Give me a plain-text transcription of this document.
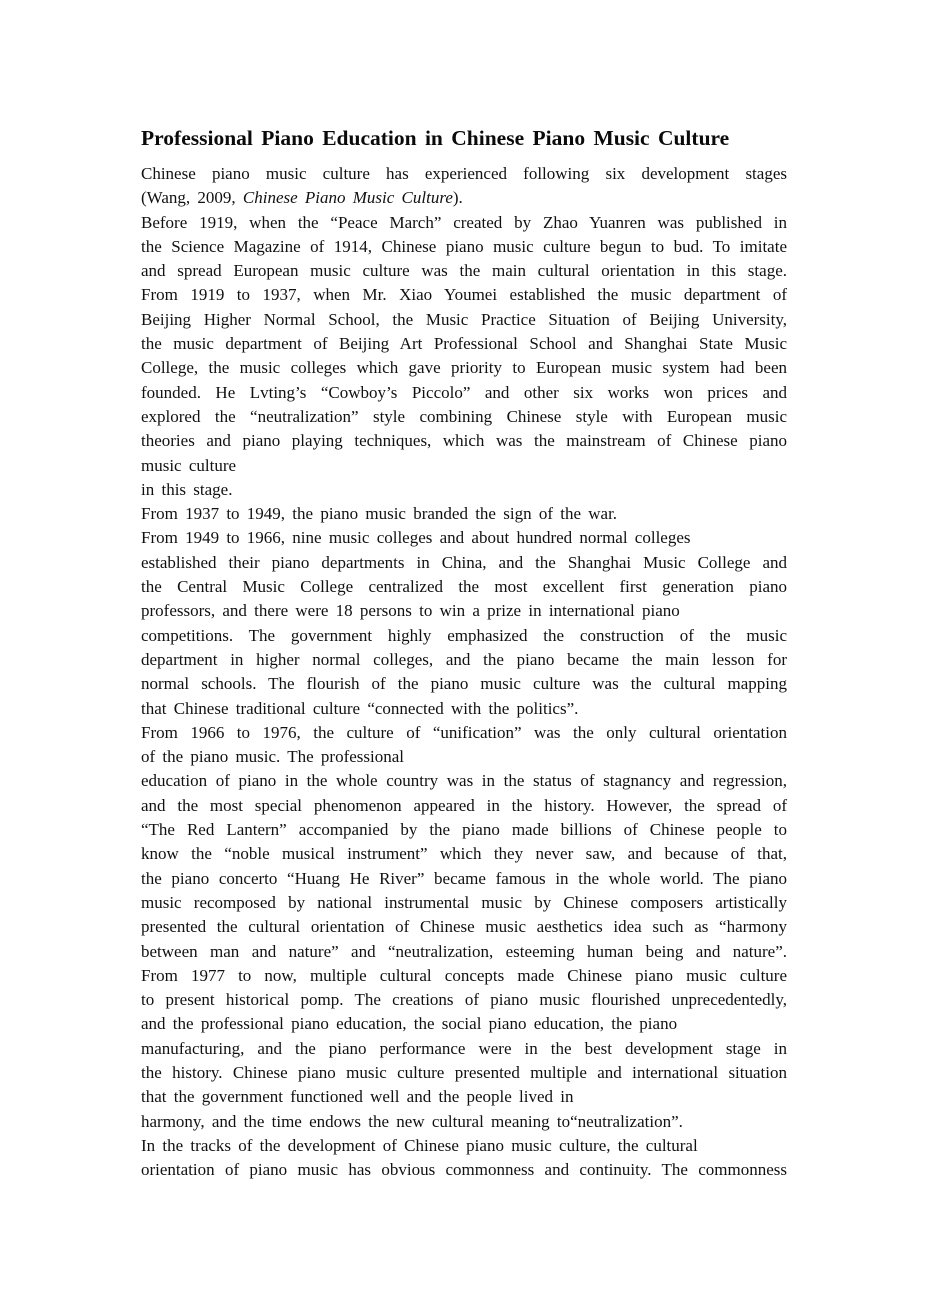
Professional Piano Education in Chinese Piano Music Culture
Chinese piano music culture has experienced following six development stages
(Wang, 2009, Chinese Piano Music Culture).
Before 1919, when the “Peace March” created by Zhao Yuanren was published in
the Science Magazine of 1914, Chinese piano music culture begun to bud. To imitate
and spread European music culture was the main cultural orientation in this stage.
From 1919 to 1937, when Mr. Xiao Youmei established the music department of
Beijing Higher Normal School, the Music Practice Situation of Beijing University,
the music department of Beijing Art Professional School and Shanghai State Music
College, the music colleges which gave priority to European music system had been
founded. He Lvting’s “Cowboy’s Piccolo” and other six works won prices and
explored the “neutralization” style combining Chinese style with European music
theories and piano playing techniques, which was the mainstream of Chinese piano
music culture
in this stage.
From 1937 to 1949, the piano music branded the sign of the war.
From 1949 to 1966, nine music colleges and about hundred normal colleges
established their piano departments in China, and the Shanghai Music College and
the Central Music College centralized the most excellent first generation piano
professors, and there were 18 persons to win a prize in international piano
competitions. The government highly emphasized the construction of the music
department in higher normal colleges, and the piano became the main lesson for
normal schools. The flourish of the piano music culture was the cultural mapping
that Chinese traditional culture “connected with the politics”.
From 1966 to 1976, the culture of “unification” was the only cultural orientation
of the piano music. The professional
education of piano in the whole country was in the status of stagnancy and regression,
and the most special phenomenon appeared in the history. However, the spread of
“The Red Lantern” accompanied by the piano made billions of Chinese people to
know the “noble musical instrument” which they never saw, and because of that,
the piano concerto “Huang He River” became famous in the whole world. The piano
music recomposed by national instrumental music by Chinese composers artistically
presented the cultural orientation of Chinese music aesthetics idea such as “harmony
between man and nature” and “neutralization, esteeming human being and nature”.
From 1977 to now, multiple cultural concepts made Chinese piano music culture
to present historical pomp. The creations of piano music flourished unprecedentedly,
and the professional piano education, the social piano education, the piano
manufacturing, and the piano performance were in the best development stage in
the history. Chinese piano music culture presented multiple and international situation
that the government functioned well and the people lived in
harmony, and the time endows the new cultural meaning to“neutralization”.
In the tracks of the development of Chinese piano music culture, the cultural
orientation of piano music has obvious commonness and continuity. The commonness
